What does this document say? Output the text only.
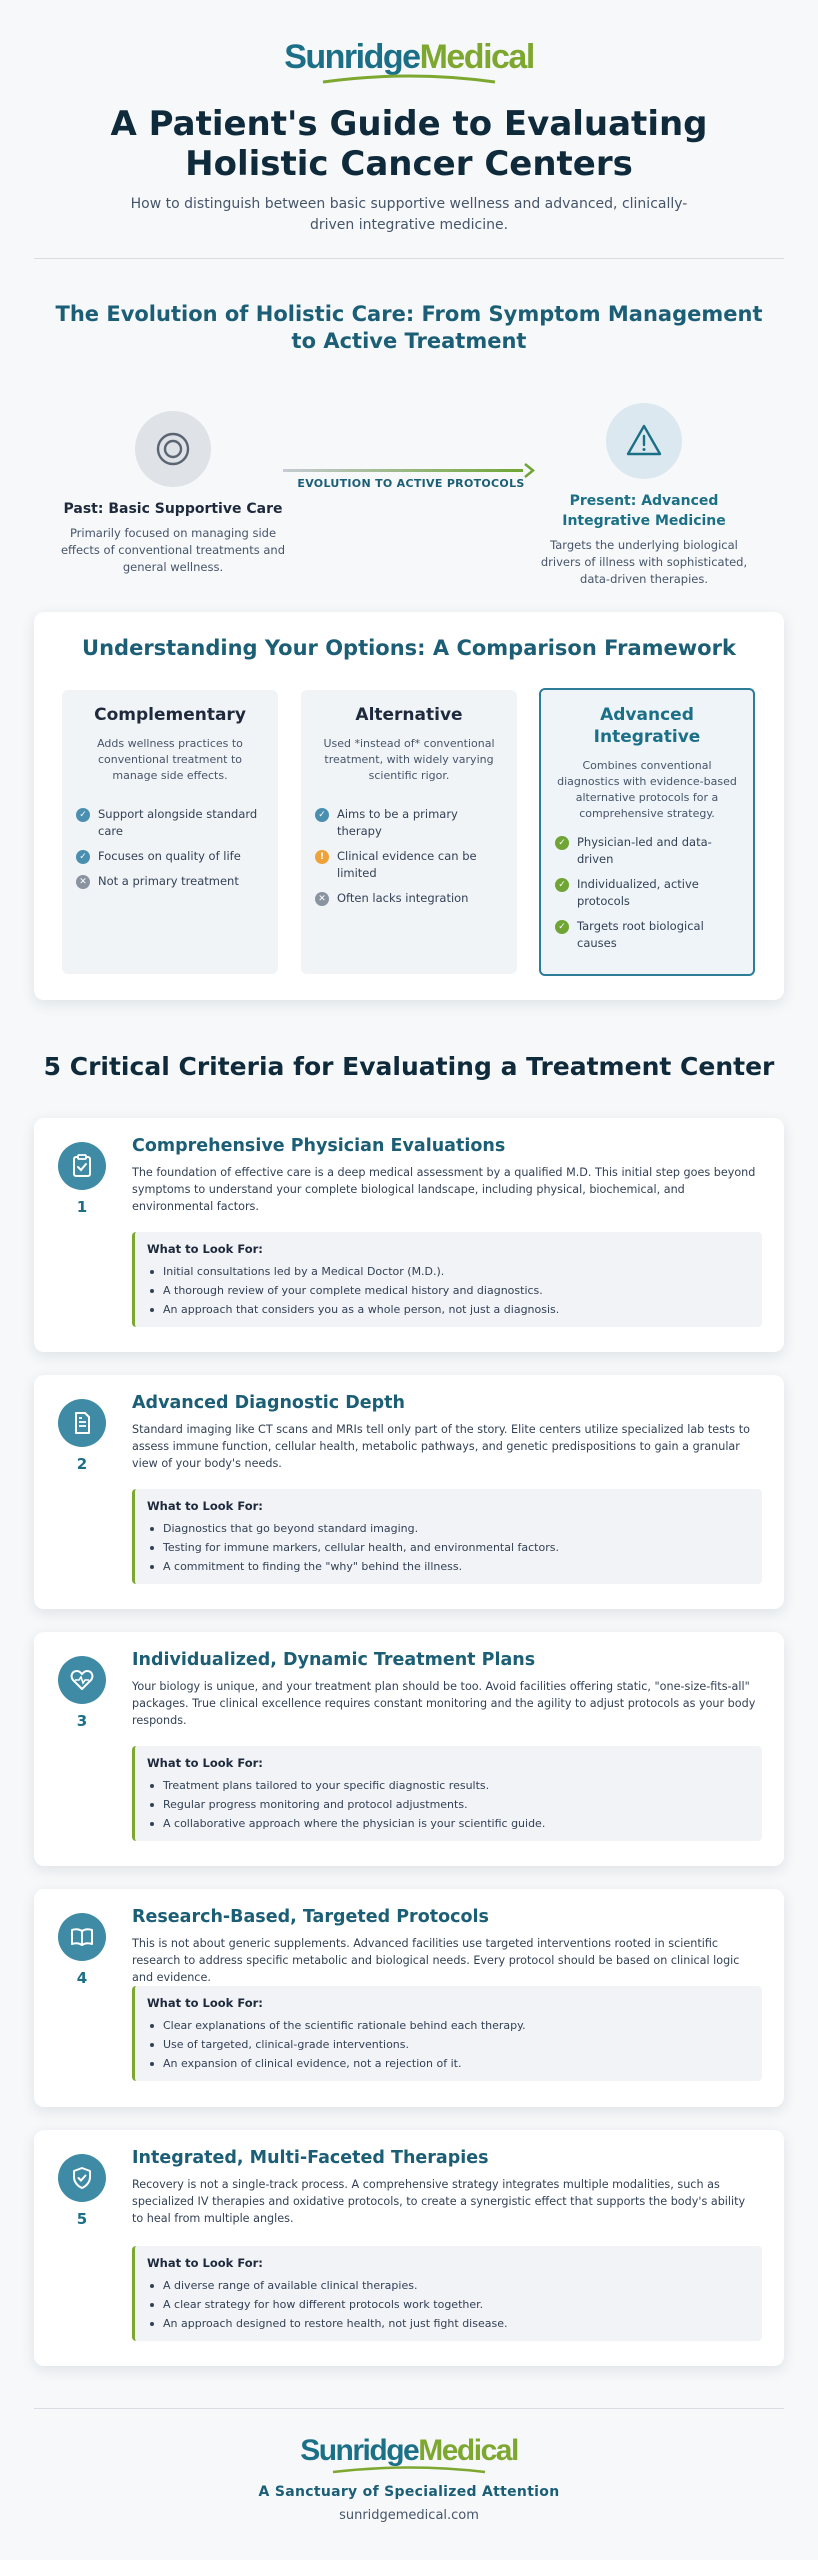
SunridgeMedical
A Patient's Guide to Evaluating Holistic Cancer Centers

How to distinguish between basic supportive wellness and advanced, clinically-driven integrative medicine.

The Evolution of Holistic Care: From Symptom Management to Active Treatment
Past: Basic Supportive Care
Primarily focused on managing side effects of conventional treatments and general wellness.
EVOLUTION TO ACTIVE PROTOCOLS
Present: Advanced Integrative Medicine
Targets the underlying biological drivers of illness with sophisticated, data-driven therapies.
Understanding Your Options: A Comparison Framework
Complementary
Adds wellness practices to conventional treatment to manage side effects.
✓ Support alongside standard care
✓ Focuses on quality of life
✕ Not a primary treatment
Alternative
Used *instead of* conventional treatment, with widely varying scientific rigor.
✓ Aims to be a primary therapy
!	Clinical evidence can be limited
✕ Often lacks integration
Advanced Integrative
Combines conventional diagnostics with evidence-based alternative protocols for a comprehensive strategy.
✓ Physician-led and data-driven
✓ Individualized, active protocols
✓ Targets root biological causes
5 Critical Criteria for Evaluating a Treatment Center
1
Comprehensive Physician Evaluations

The foundation of effective care is a deep medical assessment by a qualified M.D. This initial step goes beyond symptoms to understand your complete biological landscape, including physical, biochemical, and environmental factors.

What to Look For:
Initial consultations led by a Medical Doctor (M.D.).
A thorough review of your complete medical history and diagnostics.
An approach that considers you as a whole person, not just a diagnosis.
2
Advanced Diagnostic Depth

Standard imaging like CT scans and MRIs tell only part of the story. Elite centers utilize specialized lab tests to assess immune function, cellular health, metabolic pathways, and genetic predispositions to gain a granular view of your body's needs.

What to Look For:
Diagnostics that go beyond standard imaging.
Testing for immune markers, cellular health, and environmental factors.
A commitment to finding the "why" behind the illness.
3
Individualized, Dynamic Treatment Plans

Your biology is unique, and your treatment plan should be too. Avoid facilities offering static, "one-size-fits-all" packages. True clinical excellence requires constant monitoring and the agility to adjust protocols as your body responds.

What to Look For:
Treatment plans tailored to your specific diagnostic results.
Regular progress monitoring and protocol adjustments.
A collaborative approach where the physician is your scientific guide.
4
Research-Based, Targeted Protocols

This is not about generic supplements. Advanced facilities use targeted interventions rooted in scientific research to address specific metabolic and biological needs. Every protocol should be based on clinical logic and evidence.

What to Look For:
Clear explanations of the scientific rationale behind each therapy.
Use of targeted, clinical-grade interventions.
An expansion of clinical evidence, not a rejection of it.
5
Integrated, Multi-Faceted Therapies

Recovery is not a single-track process. A comprehensive strategy integrates multiple modalities, such as specialized IV therapies and oxidative protocols, to create a synergistic effect that supports the body's ability to heal from multiple angles.

What to Look For:
A diverse range of available clinical therapies.
A clear strategy for how different protocols work together.
An approach designed to restore health, not just fight disease.
SunridgeMedical
A Sanctuary of Specialized Attention
sunridgemedical.com
